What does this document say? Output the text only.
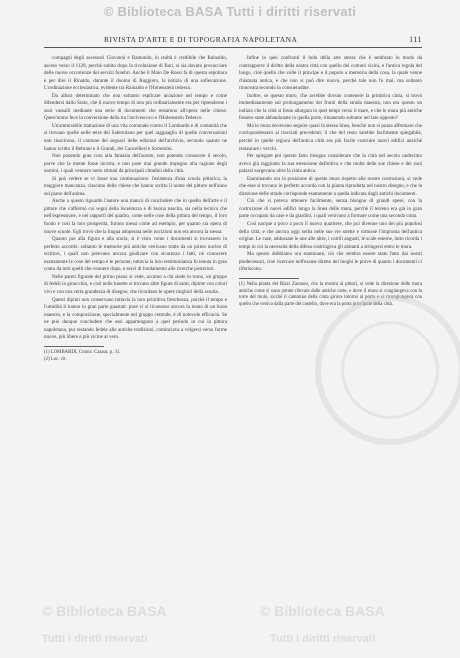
© Biblioteca BASA Tutti i diritti riservati
RIVISTA D'ARTE E DI TOPOGRAFIA NAPOLETANA	111

compagni degli ascessori Giovanni e Ramondo, in realtà è credibile che Rainaldo, asceso verso il 1128, perchè subito dopo la rivoluzione di Bari, si sia dovuto procacciare delle nuove occorrenze dei servizi funebri. Anche il Maio De Rossi fa di questa sepoltura e per dire il Rinaldo, durante il duomo di Ruggiero, la notizia di una sollevazione. L'ordinazione ecclesiastica, evidente tra Rainaldo e l'Hohenstein tedesco.

Da allora determinato che non soltanto esplicare un'azione nel tempo e come difendersi dallo Stato, che il nuovo tempo di non più ordinariamente era per riprenderne i suoi vassalli mediante una serie di documenti che restarono all'opera nelle chiese. Quest'uomo fece la conversione della tra l'arcivescovo e l'Hohenstein Tedesco.

Un'ammirabile trattazione di una vita comunale contro il Lombardo e di comunità che si trovano quelle nelle terre del Salernitano per quel ragguaglio di quelle conversazioni non riuscirono, il comune dei seguaci delle edizioni dell'archivio, secondo quanto ne hanno scritto il Beltrani e il Grandi, dei Cancellieri e Sorrentini.

Non ponendo gran cura alla fantasia dell'autore, non potendo conoscere il secolo, parve che la mente fosse incerta, e non pose mai grande impegno alla ragione degli uomini, i quali vennero tanto stimati da principali cittadini della città.

Si può vedere se vi fosse una continuazione: l'esistenza d'una scuola pittorica, la maggiore mancanza, ciascuno delle chiese che hanno scritto il nome del pittore nell'anno sul piano dell'anima.

Anche a questo riguardo l'autore non mancò di concludere che in quello dell'arte e il pittore che s'affermò coi segni della lucentezza e di buona nascita, sia nella tecnica che nell'espressione, e nei rapporti del quadro, come nelle cose della pittura del tempo, il loro fondo e così la loro prosperità, furono messi come ad esempio, per quanto sia opera di nuove scuole. Egli trovò che la lingua adoperata nelle iscrizioni non era ancora la stessa.

Quanto poi alla figura e alla storia, si è visto come i documenti si trovassero in perfetto accordo: soltanto le memorie più antiche venivano tratte da un primo nucleo di scrittori, i quali non potevano ancora giudicare con sicurezza i fatti, nè conoscere esattamente le cose del tempo e le persone; tuttavia la loro testimonianza fu tenuta in gran conto da tutti quelli che vennero dopo, e servì di fondamento alle ricerche posteriori.

Nelle pareti figurate del primo piano si vede, accanto a chi siede in trono, un gruppo di fedeli in ginocchio, e così nelle lunette si trovano altre figure di santi, dipinte con colori vivi e con una certa grandezza di disegno, che ricordano le opere migliori della scuola.

Questi dipinti non conservano tuttavia la loro primitiva freschezza, poichè il tempo e l'umidità li hanno in gran parte guastati: pure vi si riconosce ancora la mano di un buon maestro, e la composizione, specialmente nel gruppo centrale, è di notevole efficacia. Se ne può dunque concludere che essi appartengono a quel periodo in cui la pittura napoletana, pur restando fedele alle antiche tradizioni, cominciava a volgersi verso forme nuove, più libere e più vicine al vero.

(1) LOMBARDI, Cronic. Casaur. p. 31.

(2) Loc. cit.

Infine in quei confronti il lodo della arte stessa che è sembrato in modo da contrapporre il diritto della nostra città con quello dei comuni vicini, e l'antica regola del luogo, cioè quella che volle il principe e il popolo a memoria della cosa, la quale venne chiamata antica, e che non si può dire nuova, perchè tale non fu mai, ma soltanto rinnovata secondo la consuetudine.

Inoltre, se questo muro, che avrebbe dovuto contenere la primitiva cinta, si trovò immediatamente sul prolungamento dei fronti della strada maestra, non era questo un indizio che la città si fosse allargata in quei tempi verso il mare, e che le mura più antiche fossero state abbandonate in quella parte, rimanendo soltanto nel lato opposto?

Ma le mura dovevano seguire quasi la stessa linea, benchè non si possa affermare che corrispondessero ai tracciati precedenti; il che del resto sarebbe facilmente spiegabile, perchè in quelle regioni dell'antica città era più facile costruire nuovi edifici anzichè restaurare i vecchi.

Per spiegare poi questo fatto bisogna considerare che la città nel secolo undecimo aveva già raggiunto la sua estensione definitiva e che molte delle sue chiese e dei suoi palazzi sorgevano oltre la cinta antica.

Esaminando ora la posizione di queste mura rispetto alle nostre costruzioni, si vede che esse si trovano in perfetto accordo con la pianta riprodotta nel nostro disegno, e che la direzione delle strade corrisponde esattamente a quella indicata dagli antichi documenti.

Ciò che si poteva ottenere facilmente, senza bisogno di grandi spese, con la costruzione di nuovi edifici lungo la linea delle mura, perchè il terreno era già in gran parte occupato da case e da giardini, i quali venivano a formare come una seconda cinta.

Così nacque a poco a poco il nuovo quartiere, che poi divenne uno dei più popolosi della città, e che ancora oggi serba nelle sue vie strette e tortuose l'impronta dell'antica origine. Le case, addossate le une alle altre, i cortili angusti, le scale esterne, tutto ricorda i tempi in cui la necessità della difesa costringeva gli abitanti a stringersi entro le mura.

Ma questo dobbiamo ora esaminare, ciò che sembra essere stato fatto dai nostri predecessori, cioè ricercare nell'esame diretto dei luoghi le prove di quanto i documenti ci riferiscono.

(1) Nella pianta del Rizzi Zannoni, che la mostra ai pittori, si vede la direzione delle mura antiche come si sono potute rilevare dalle antiche carte, e dove il muro si congiungeva con la torre del molo, sicchè il cammino della cinta girava intorno al porto e si ricongiungeva con quello che veniva dalla parte del castello, dove era la porta principale della città.

© Biblioteca BASA	© Biblioteca BASA
Tutti i diritti riservati	Tutti i diritti riservati
